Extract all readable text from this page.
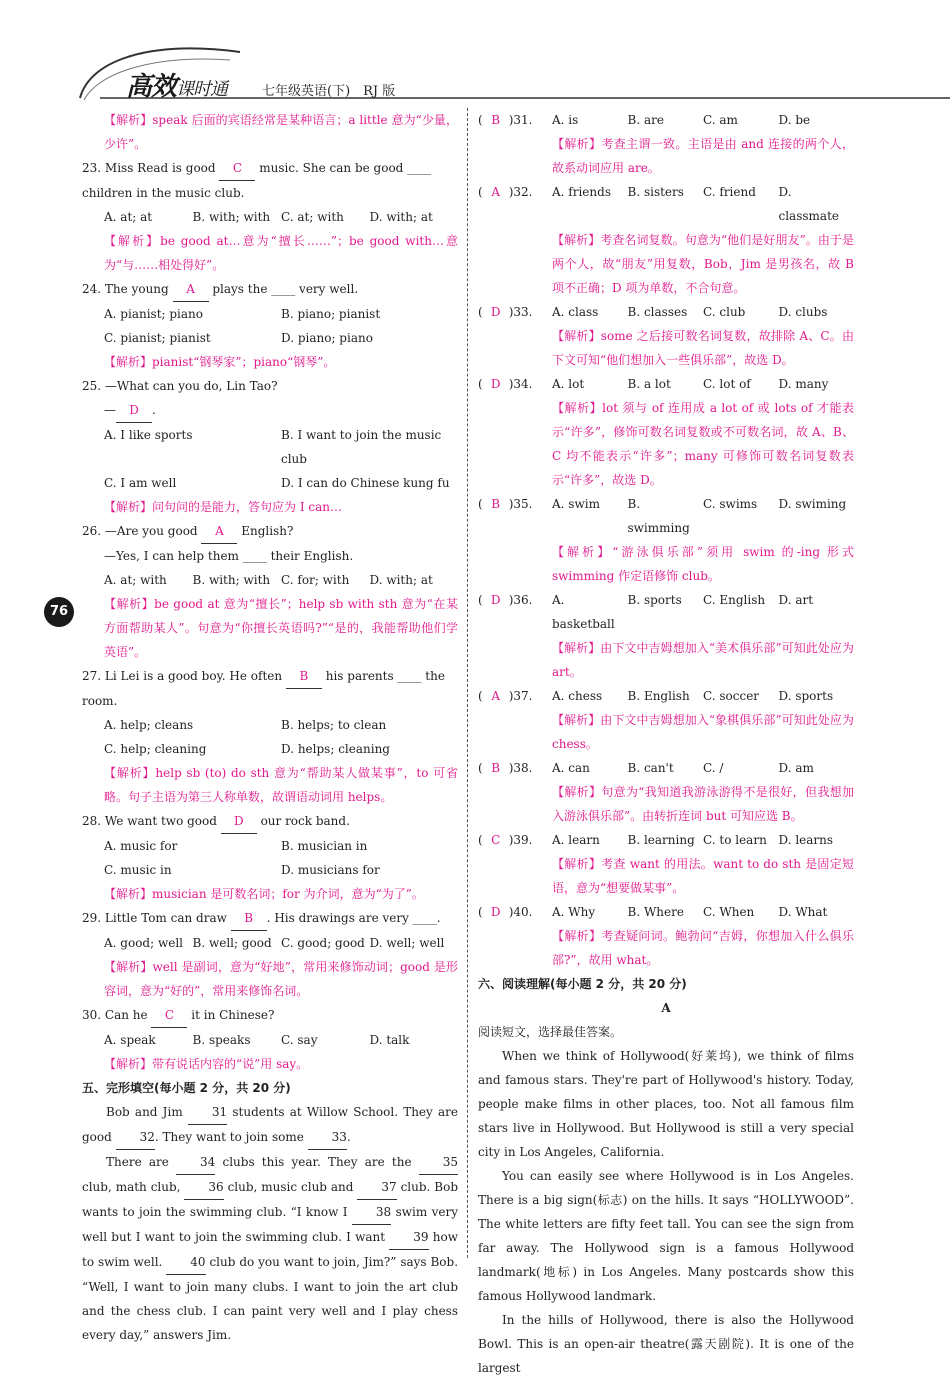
高效课时通	七年级英语(下)　RJ 版
76

【解析】speak 后面的宾语经常是某种语言；a little 意为“少量，少许”。

23. Miss Read is good C music. She can be good ____ children in the music club.

A. at; at	B. with; with C. at; with	D. with; at

【解析】be good at…意为“擅长……”；be good with…意为“与……相处得好”。

24. The young A plays the ____ very well.

A. pianist; piano	B. piano; pianist
C. pianist; pianist	D. piano; piano

【解析】pianist“钢琴家”；piano“钢琴”。

25. —What can you do, Lin Tao?

— D .

A. I like sports	B. I want to join the music club
C. I am well	D. I can do Chinese kung fu

【解析】问句问的是能力，答句应为 I can…

26. —Are you good A English?

—Yes, I can help them ____ their English.

A. at; with	B. with; with C. for; with	D. with; at

【解析】be good at 意为“擅长”；help sb with sth 意为“在某方面帮助某人”。句意为“你擅长英语吗?”“是的，我能帮助他们学英语”。

27. Li Lei is a good boy. He often B his parents ____ the room.

A. help; cleans	B. helps; to clean
C. help; cleaning	D. helps; cleaning

【解析】help sb (to) do sth 意为“帮助某人做某事”，to 可省略。句子主语为第三人称单数，故谓语动词用 helps。

28. We want two good D our rock band.

A. music for	B. musician in
C. music in	D. musicians for

【解析】musician 是可数名词；for 为介词，意为“为了”。

29. Little Tom can draw B . His drawings are very ____.

A. good; well B. well; good C. good; good D. well; well

【解析】well 是副词，意为“好地”，常用来修饰动词；good 是形容词，意为“好的”，常用来修饰名词。

30. Can he C it in Chinese?

A. speak	B. speaks	C. say	D. talk

【解析】带有说话内容的“说”用 say。

五、完形填空(每小题 2 分，共 20 分)

Bob and Jim 31 students at Willow School. They are good 32. They want to join some 33.

There are 34 clubs this year. They are the 35 club, math club, 36 club, music club and 37 club. Bob wants to join the swimming club. “I know I 38 swim very well but I want to join the swimming club. I want 39 how to swim well. 40 club do you want to join, Jim?” says Bob. “Well, I want to join many clubs. I want to join the art club and the chess club. I can paint very well and I play chess every day,” answers Jim.

( B )31.	A. is	B. are	C. am	D. be

【解析】考查主谓一致。主语是由 and 连接的两个人，故系动词应用 are。

( A )32.	A. friends	B. sisters	C. friend	D. classmate

【解析】考查名词复数。句意为“他们是好朋友”。由于是两个人，故“朋友”用复数，Bob，Jim 是男孩名，故 B 项不正确；D 项为单数，不合句意。

( D )33.	A. class	B. classes	C. club	D. clubs

【解析】some 之后接可数名词复数，故排除 A、C。由下文可知“他们想加入一些俱乐部”，故选 D。

( D )34.	A. lot	B. a lot	C. lot of	D. many

【解析】lot 须与 of 连用成 a lot of 或 lots of 才能表示“许多”，修饰可数名词复数或不可数名词，故 A、B、C 均不能表示“许多”；many 可修饰可数名词复数表示“许多”，故选 D。

( B )35.	A. swim	B. swimming
C. swims	D. swiming

【解析】“游泳俱乐部”须用 swim 的-ing 形式 swimming 作定语修饰 club。

( D )36.	A. basketball
B. sports	C. English	D. art

【解析】由下文中吉姆想加入“美术俱乐部”可知此处应为 art。

( A )37.	A. chess	B. English	C. soccer	D. sports

【解析】由下文中吉姆想加入“象棋俱乐部”可知此处应为 chess。

( B )38.	A. can	B. can't	C. /	D. am

【解析】句意为“我知道我游泳游得不是很好，但我想加入游泳俱乐部”。由转折连词 but 可知应选 B。

( C )39.	A. learn	B. learning C. to learn D. learns

【解析】考查 want 的用法。want to do sth 是固定短语，意为“想要做某事”。

( D )40.	A. Why	B. Where	C. When	D. What

【解析】考查疑问词。鲍勃问“吉姆，你想加入什么俱乐部?”，故用 what。

六、阅读理解(每小题 2 分，共 20 分)

A

阅读短文，选择最佳答案。

When we think of Hollywood(好莱坞), we think of films and famous stars. They're part of Hollywood's history. Today, people make films in other places, too. Not all famous film stars live in Hollywood. But Hollywood is still a very special city in Los Angeles, California.

You can easily see where Hollywood is in Los Angeles. There is a big sign(标志) on the hills. It says “HOLLYWOOD”. The white letters are fifty feet tall. You can see the sign from far away. The Hollywood sign is a famous Hollywood landmark(地标) in Los Angeles. Many postcards show this famous Hollywood landmark.

In the hills of Hollywood, there is also the Hollywood Bowl. This is an open-air theatre(露天剧院). It is one of the largest
